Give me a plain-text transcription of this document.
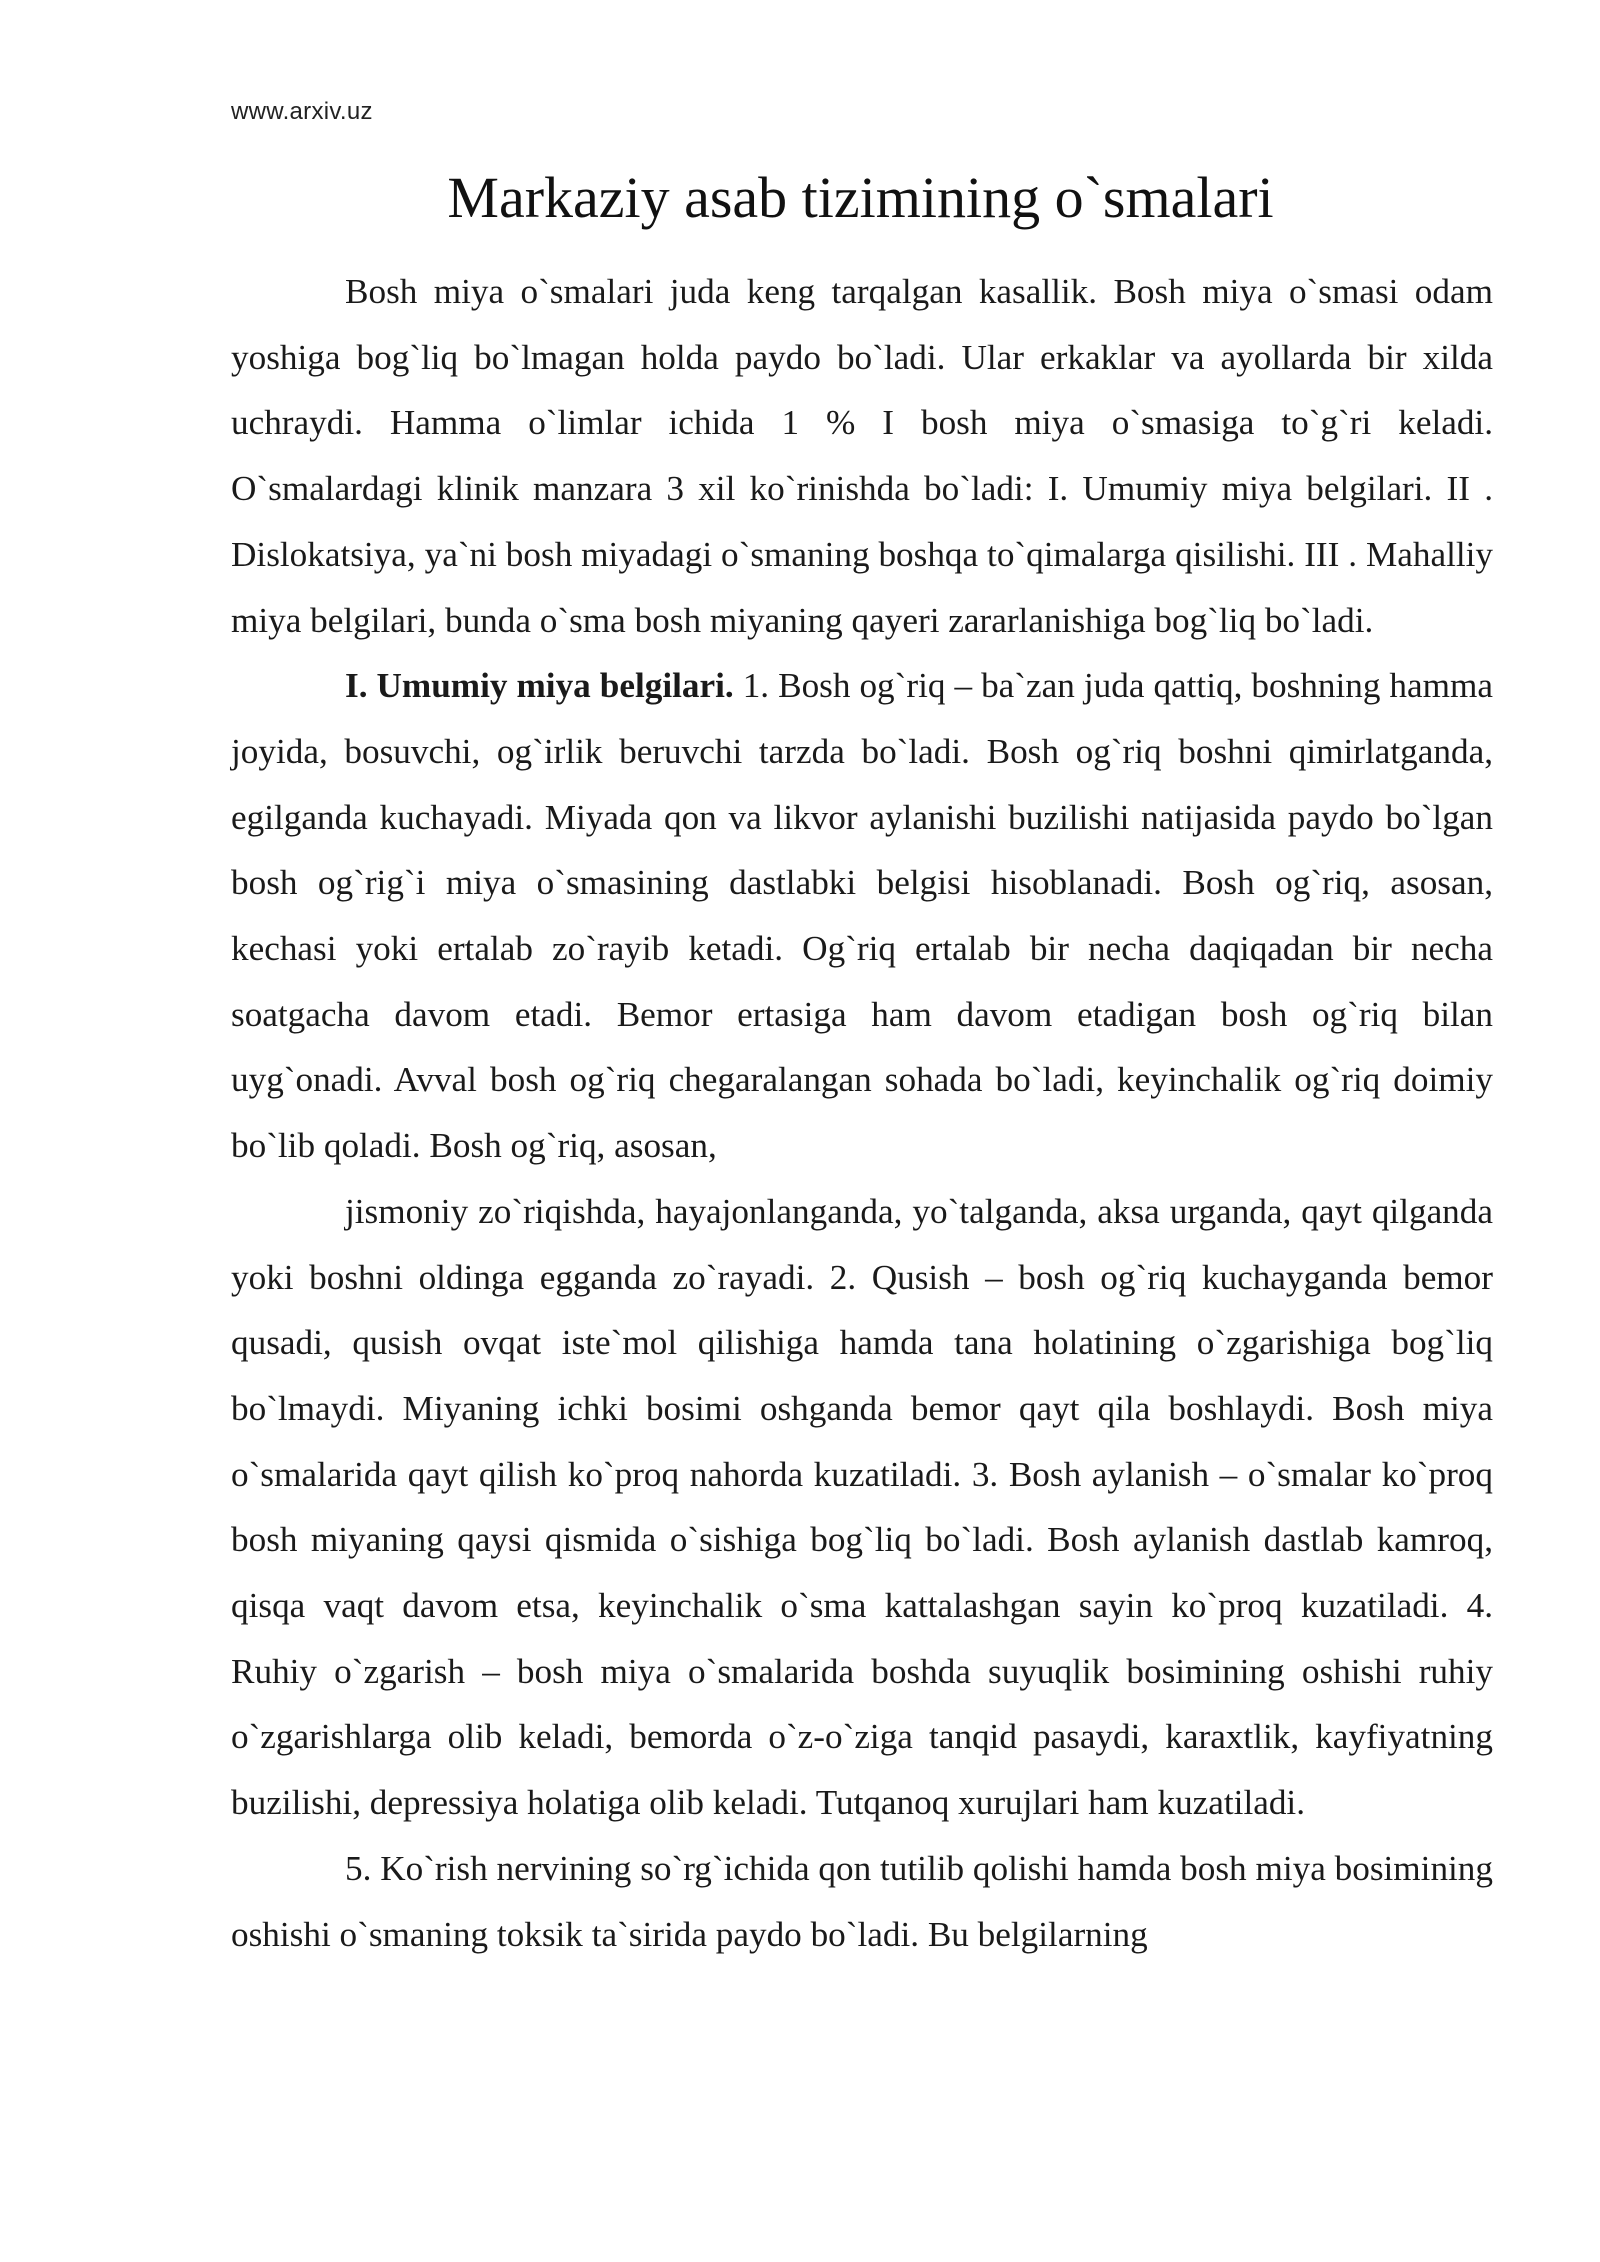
www.arxiv.uz
Markaziy asab tizimining o`smalari

Bosh miya o`smalari juda keng tarqalgan kasallik. Bosh miya o`smasi odam yoshiga bog`liq bo`lmagan holda paydo bo`ladi. Ular erkaklar va ayollarda bir xilda uchraydi. Hamma o`limlar ichida 1 % I bosh miya o`smasiga to`g`ri keladi. O`smalardagi klinik manzara 3 xil ko`rinishda bo`ladi: I. Umumiy miya belgilari. II . Dislokatsiya, ya`ni bosh miyadagi o`smaning boshqa to`qimalarga qisilishi. III . Mahalliy miya belgilari, bunda o`sma bosh miyaning qayeri zararlanishiga bog`liq bo`ladi.

I. Umumiy miya belgilari. 1. Bosh og`riq – ba`zan juda qattiq, boshning hamma joyida, bosuvchi, og`irlik beruvchi tarzda bo`ladi. Bosh og`riq boshni qimirlatganda, egilganda kuchayadi. Miyada qon va likvor aylanishi buzilishi natijasida paydo bo`lgan bosh og`rig`i miya o`smasining dastlabki belgisi hisoblanadi. Bosh og`riq, asosan, kechasi yoki ertalab zo`rayib ketadi. Og`riq ertalab bir necha daqiqadan bir necha soatgacha davom etadi. Bemor ertasiga ham davom etadigan bosh og`riq bilan uyg`onadi. Avval bosh og`riq chegaralangan sohada bo`ladi, keyinchalik og`riq doimiy bo`lib qoladi. Bosh og`riq, asosan,

jismoniy zo`riqishda, hayajonlanganda, yo`talganda, aksa urganda, qayt qilganda yoki boshni oldinga egganda zo`rayadi. 2. Qusish – bosh og`riq kuchayganda bemor qusadi, qusish ovqat iste`mol qilishiga hamda tana holatining o`zgarishiga bog`liq bo`lmaydi. Miyaning ichki bosimi oshganda bemor qayt qila boshlaydi. Bosh miya o`smalarida qayt qilish ko`proq nahorda kuzatiladi. 3. Bosh aylanish – o`smalar ko`proq bosh miyaning qaysi qismida o`sishiga bog`liq bo`ladi. Bosh aylanish dastlab kamroq, qisqa vaqt davom etsa, keyinchalik o`sma kattalashgan sayin ko`proq kuzatiladi. 4. Ruhiy o`zgarish – bosh miya o`smalarida boshda suyuqlik bosimining oshishi ruhiy o`zgarishlarga olib keladi, bemorda o`z-o`ziga tanqid pasaydi, karaxtlik, kayfiyatning buzilishi, depressiya holatiga olib keladi. Tutqanoq xurujlari ham kuzatiladi.

5. Ko`rish nervining so`rg`ichida qon tutilib qolishi hamda bosh miya bosimining oshishi o`smaning toksik ta`sirida paydo bo`ladi. Bu belgilarning
